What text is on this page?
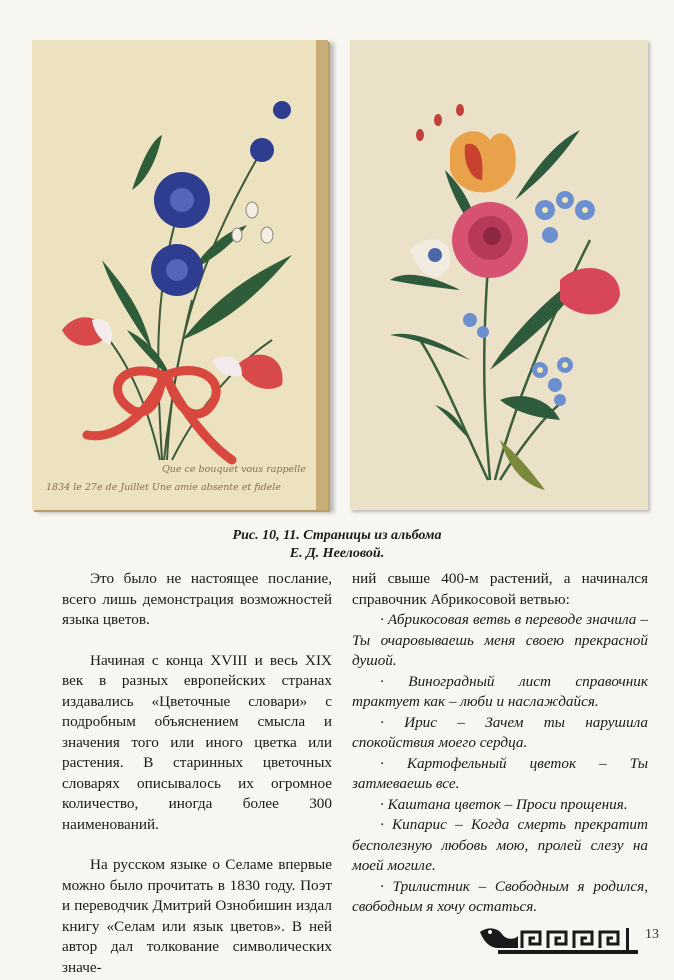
Que ce bouquet vous rappelle
1834 le 27e de Juillet Une amie absente et fidele
Рис. 10, 11. Страницы из альбома
Е. Д. Нееловой.

Это было не настоящее послание, всего лишь демонстрация возможностей языка цветов.

Начиная с конца XVIII и весь XIX век в разных европейских странах издавались «Цветочные словари» с подробным объяснением смысла и значения того или иного цветка или растения. В старинных цветочных словарях описывалось их огромное количество, иногда более 300 наименований.

На русском языке о Селаме впервые можно было прочитать в 1830 году. Поэт и переводчик Дмитрий Ознобишин издал книгу «Селам или язык цветов». В ней автор дал толкование символических значе-

ний свыше 400-м растений, а начинался справочник Абрикосовой ветвью:

· Абрикосовая ветвь в переводе значила – Ты очаровываешь меня своею прекрасной душой.

· Виноградный лист справочник трактует как – люби и наслаждайся.

· Ирис – Зачем ты нарушила спокойствия моего сердца.

· Картофельный цветок – Ты затмеваешь все.

· Каштана цветок – Проси прощения.

· Кипарис – Когда смерть прекратит бесполезную любовь мою, пролей слезу на моей могиле.

· Трилистник – Свободным я родился, свободным я хочу остаться.

13
